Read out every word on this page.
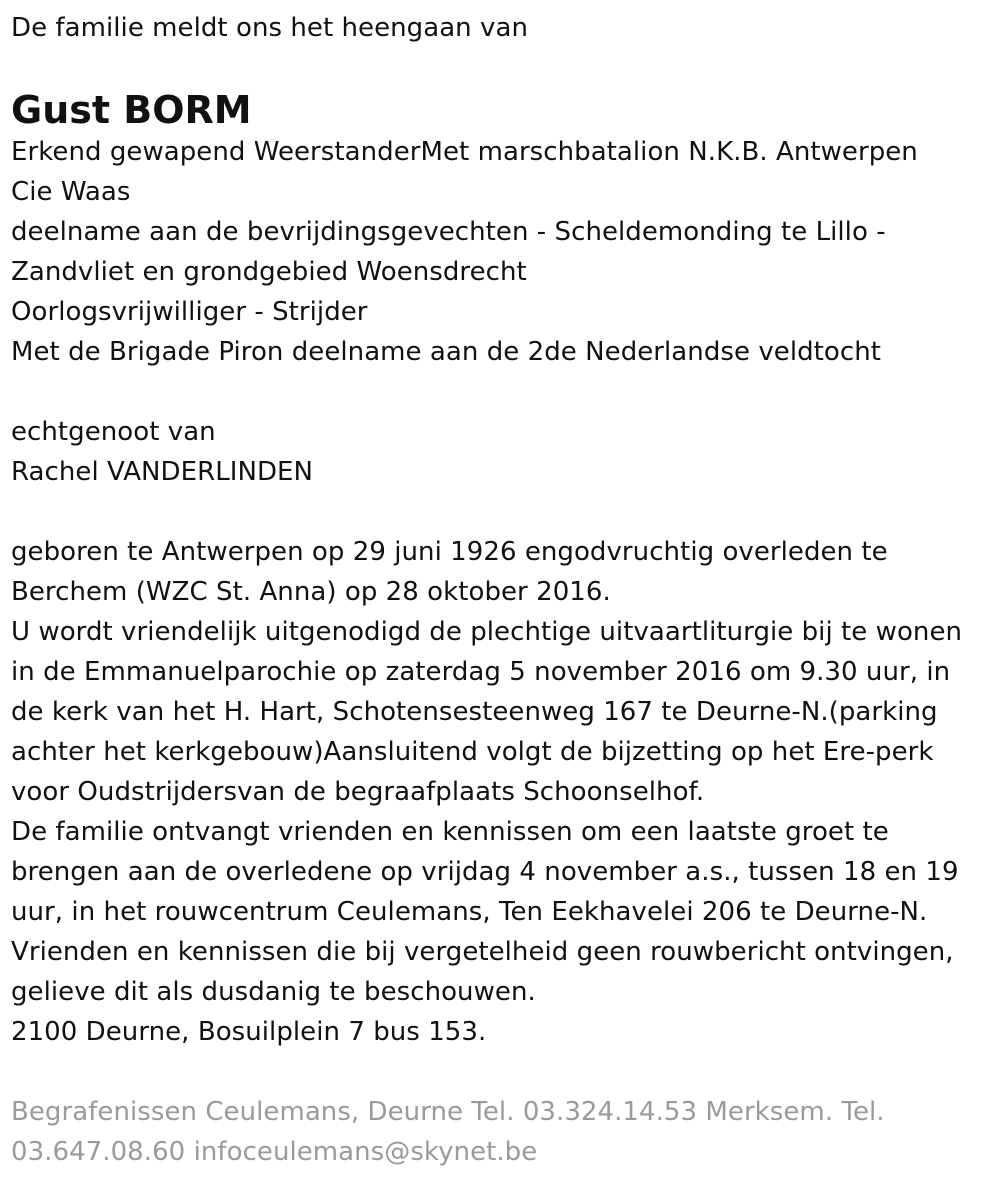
De familie meldt ons het heengaan van
Gust BORM
Erkend gewapend WeerstanderMet marschbatalion N.K.B. Antwerpen
Cie Waas
deelname aan de bevrijdingsgevechten - Scheldemonding te Lillo -
Zandvliet en grondgebied Woensdrecht
Oorlogsvrijwilliger - Strijder
Met de Brigade Piron deelname aan de 2de Nederlandse veldtocht
echtgenoot van
Rachel VANDERLINDEN
geboren te Antwerpen op 29 juni 1926 engodvruchtig overleden te
Berchem (WZC St. Anna) op 28 oktober 2016.
U wordt vriendelijk uitgenodigd de plechtige uitvaartliturgie bij te wonen
in de Emmanuelparochie op zaterdag 5 november 2016 om 9.30 uur, in
de kerk van het H. Hart, Schotensesteenweg 167 te Deurne-N.(parking
achter het kerkgebouw)Aansluitend volgt de bijzetting op het Ere-perk
voor Oudstrijdersvan de begraafplaats Schoonselhof.
De familie ontvangt vrienden en kennissen om een laatste groet te
brengen aan de overledene op vrijdag 4 november a.s., tussen 18 en 19
uur, in het rouwcentrum Ceulemans, Ten Eekhavelei 206 te Deurne-N.
Vrienden en kennissen die bij vergetelheid geen rouwbericht ontvingen,
gelieve dit als dusdanig te beschouwen.
2100 Deurne, Bosuilplein 7 bus 153.
Begrafenissen Ceulemans, Deurne Tel. 03.324.14.53 Merksem. Tel.
03.647.08.60 infoceulemans@skynet.be
